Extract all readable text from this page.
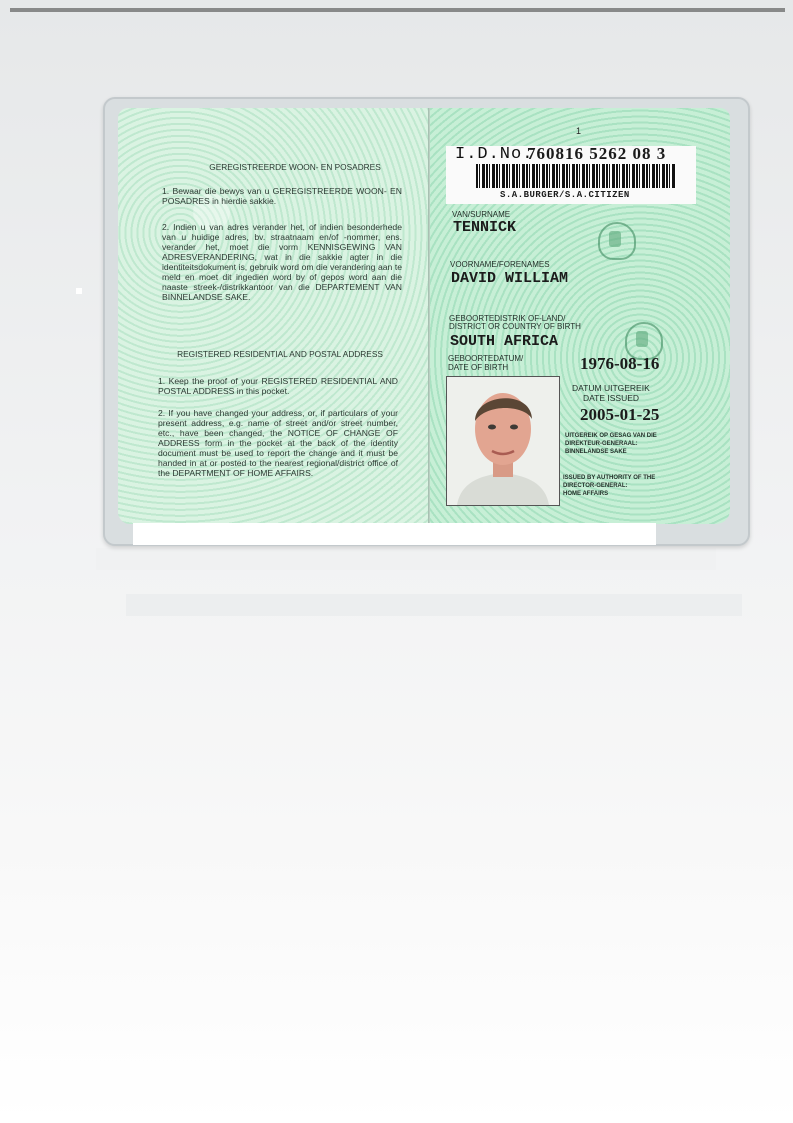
GEREGISTREERDE WOON- EN POSADRES
1. Bewaar die bewys van u GEREGISTREERDE WOON- EN POSADRES in hierdie sakkie.
2. Indien u van adres verander het, of indien besonderhede van u huidige adres, bv. straatnaam en/of -nommer, ens. verander het, moet die vorm KENNISGEWING VAN ADRESVERANDERING, wat in die sakkie agter in die identiteitsdokument is, gebruik word om die verandering aan te meld en moet dit ingedien word by of gepos word aan die naaste streek-/distrikkantoor van die DEPARTEMENT VAN BINNELANDSE SAKE.
REGISTERED RESIDENTIAL AND POSTAL ADDRESS
1. Keep the proof of your REGISTERED RESIDENTIAL AND POSTAL ADDRESS in this pocket.
2. If you have changed your address, or, if particulars of your present address, e.g. name of street and/or street number, etc., have been changed, the NOTICE OF CHANGE OF ADDRESS form in the pocket at the back of the identity document must be used to report the change and it must be handed in at or posted to the nearest regional/district office of the DEPARTMENT OF HOME AFFAIRS.
1
I.D.No.
760816 5262 08 3
S.A.BURGER/S.A.CITIZEN
VAN/SURNAME
TENNICK
VOORNAME/FORENAMES
DAVID WILLIAM
GEBOORTEDISTRIK OF-LAND/
DISTRICT OR COUNTRY OF BIRTH
SOUTH AFRICA
GEBOORTEDATUM/
DATE OF BIRTH	1976-08-16
DATUM UITGEREIK
DATE ISSUED
2005-01-25
UITGEREIK OP GESAG VAN DIE
DIREKTEUR-GENERAAL:
BINNELANDSE SAKE
ISSUED BY AUTHORITY OF THE
DIRECTOR-GENERAL:
HOME AFFAIRS
